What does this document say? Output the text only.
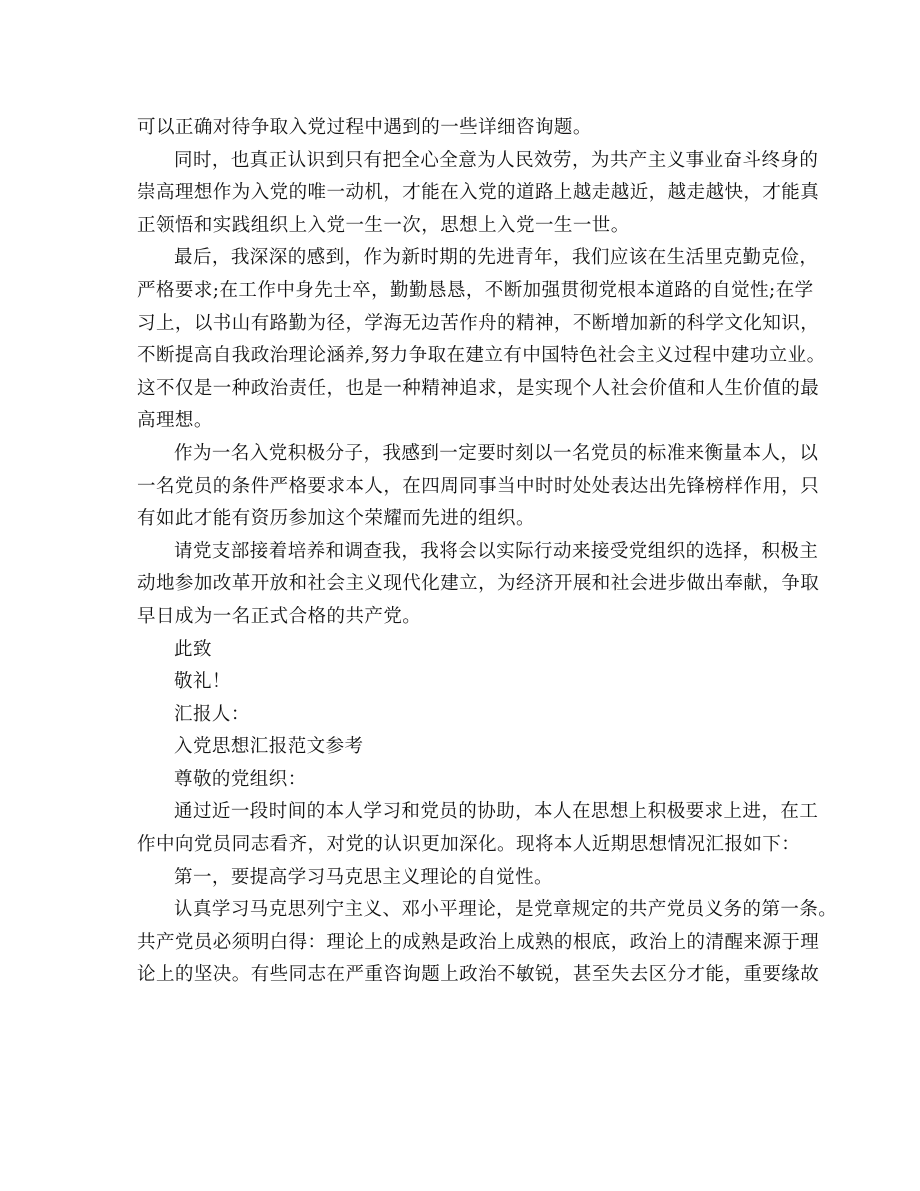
可以正确对待争取入党过程中遇到的一些详细咨询题。
同时，也真正认识到只有把全心全意为人民效劳，为共产主义事业奋斗终身的
崇高理想作为入党的唯一动机，才能在入党的道路上越走越近，越走越快，才能真
正领悟和实践组织上入党一生一次，思想上入党一生一世。
最后，我深深的感到，作为新时期的先进青年，我们应该在生活里克勤克俭，
严格要求;在工作中身先士卒，勤勤恳恳，不断加强贯彻党根本道路的自觉性;在学
习上，以书山有路勤为径，学海无边苦作舟的精神，不断增加新的科学文化知识，
不断提高自我政治理论涵养,努力争取在建立有中国特色社会主义过程中建功立业。
这不仅是一种政治责任，也是一种精神追求，是实现个人社会价值和人生价值的最
高理想。
作为一名入党积极分子，我感到一定要时刻以一名党员的标准来衡量本人，以
一名党员的条件严格要求本人，在四周同事当中时时处处表达出先锋榜样作用，只
有如此才能有资历参加这个荣耀而先进的组织。
请党支部接着培养和调查我，我将会以实际行动来接受党组织的选择，积极主
动地参加改革开放和社会主义现代化建立，为经济开展和社会进步做出奉献，争取
早日成为一名正式合格的共产党。
此致
敬礼！
汇报人：
入党思想汇报范文参考
尊敬的党组织：
通过近一段时间的本人学习和党员的协助，本人在思想上积极要求上进，在工
作中向党员同志看齐，对党的认识更加深化。现将本人近期思想情况汇报如下：
第一，要提高学习马克思主义理论的自觉性。
认真学习马克思列宁主义、邓小平理论，是党章规定的共产党员义务的第一条。
共产党员必须明白得：理论上的成熟是政治上成熟的根底，政治上的清醒来源于理
论上的坚决。有些同志在严重咨询题上政治不敏锐，甚至失去区分才能，重要缘故
